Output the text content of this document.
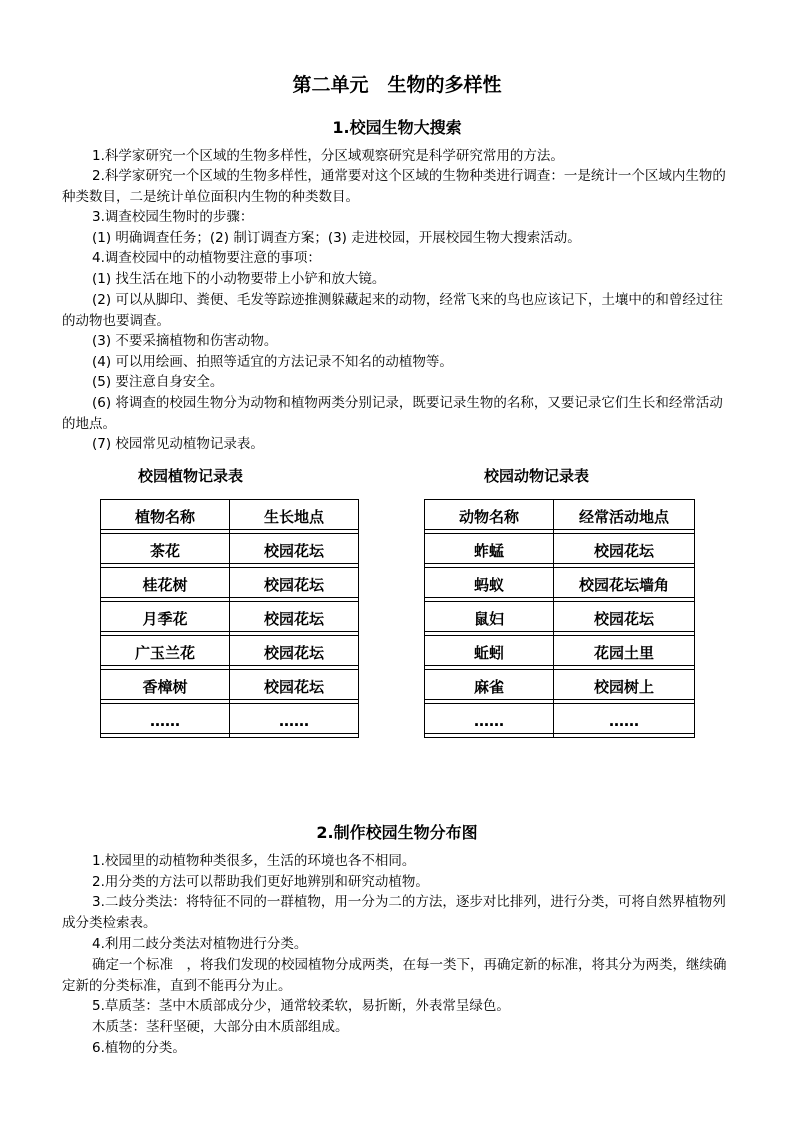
第二单元　生物的多样性
1.校园生物大搜索

1.科学家研究一个区域的生物多样性，分区域观察研究是科学研究常用的方法。

2.科学家研究一个区域的生物多样性，通常要对这个区域的生物种类进行调查：一是统计一个区域内生物的种类数目，二是统计单位面积内生物的种类数目。

3.调查校园生物时的步骤：

(1) 明确调查任务；(2) 制订调查方案；(3) 走进校园，开展校园生物大搜索活动。

4.调查校园中的动植物要注意的事项：

(1) 找生活在地下的小动物要带上小铲和放大镜。

(2) 可以从脚印、粪便、毛发等踪迹推测躲藏起来的动物，经常飞来的鸟也应该记下，土壤中的和曾经过往的动物也要调查。

(3) 不要采摘植物和伤害动物。

(4) 可以用绘画、拍照等适宜的方法记录不知名的动植物等。

(5) 要注意自身安全。

(6) 将调查的校园生物分为动物和植物两类分别记录，既要记录生物的名称，又要记录它们生长和经常活动的地点。

(7) 校园常见动植物记录表。

校园植物记录表	校园动物记录表
植物名称	生长地点
茶花	校园花坛
桂花树	校园花坛
月季花	校园花坛
广玉兰花	校园花坛
香樟树	校园花坛
……	……
动物名称	经常活动地点
蚱蜢	校园花坛
蚂蚁	校园花坛墙角
鼠妇	校园花坛
蚯蚓	花园土里
麻雀	校园树上
……	……
2.制作校园生物分布图

1.校园里的动植物种类很多，生活的环境也各不相同。

2.用分类的方法可以帮助我们更好地辨别和研究动植物。

3.二歧分类法：将特征不同的一群植物，用一分为二的方法，逐步对比排列，进行分类，可将自然界植物列成分类检索表。

4.利用二歧分类法对植物进行分类。

确定一个标准　，将我们发现的校园植物分成两类，在每一类下，再确定新的标准，将其分为两类，继续确定新的分类标准，直到不能再分为止。

5.草质茎：茎中木质部成分少，通常较柔软，易折断，外表常呈绿色。

木质茎：茎秆坚硬，大部分由木质部组成。

6.植物的分类。
